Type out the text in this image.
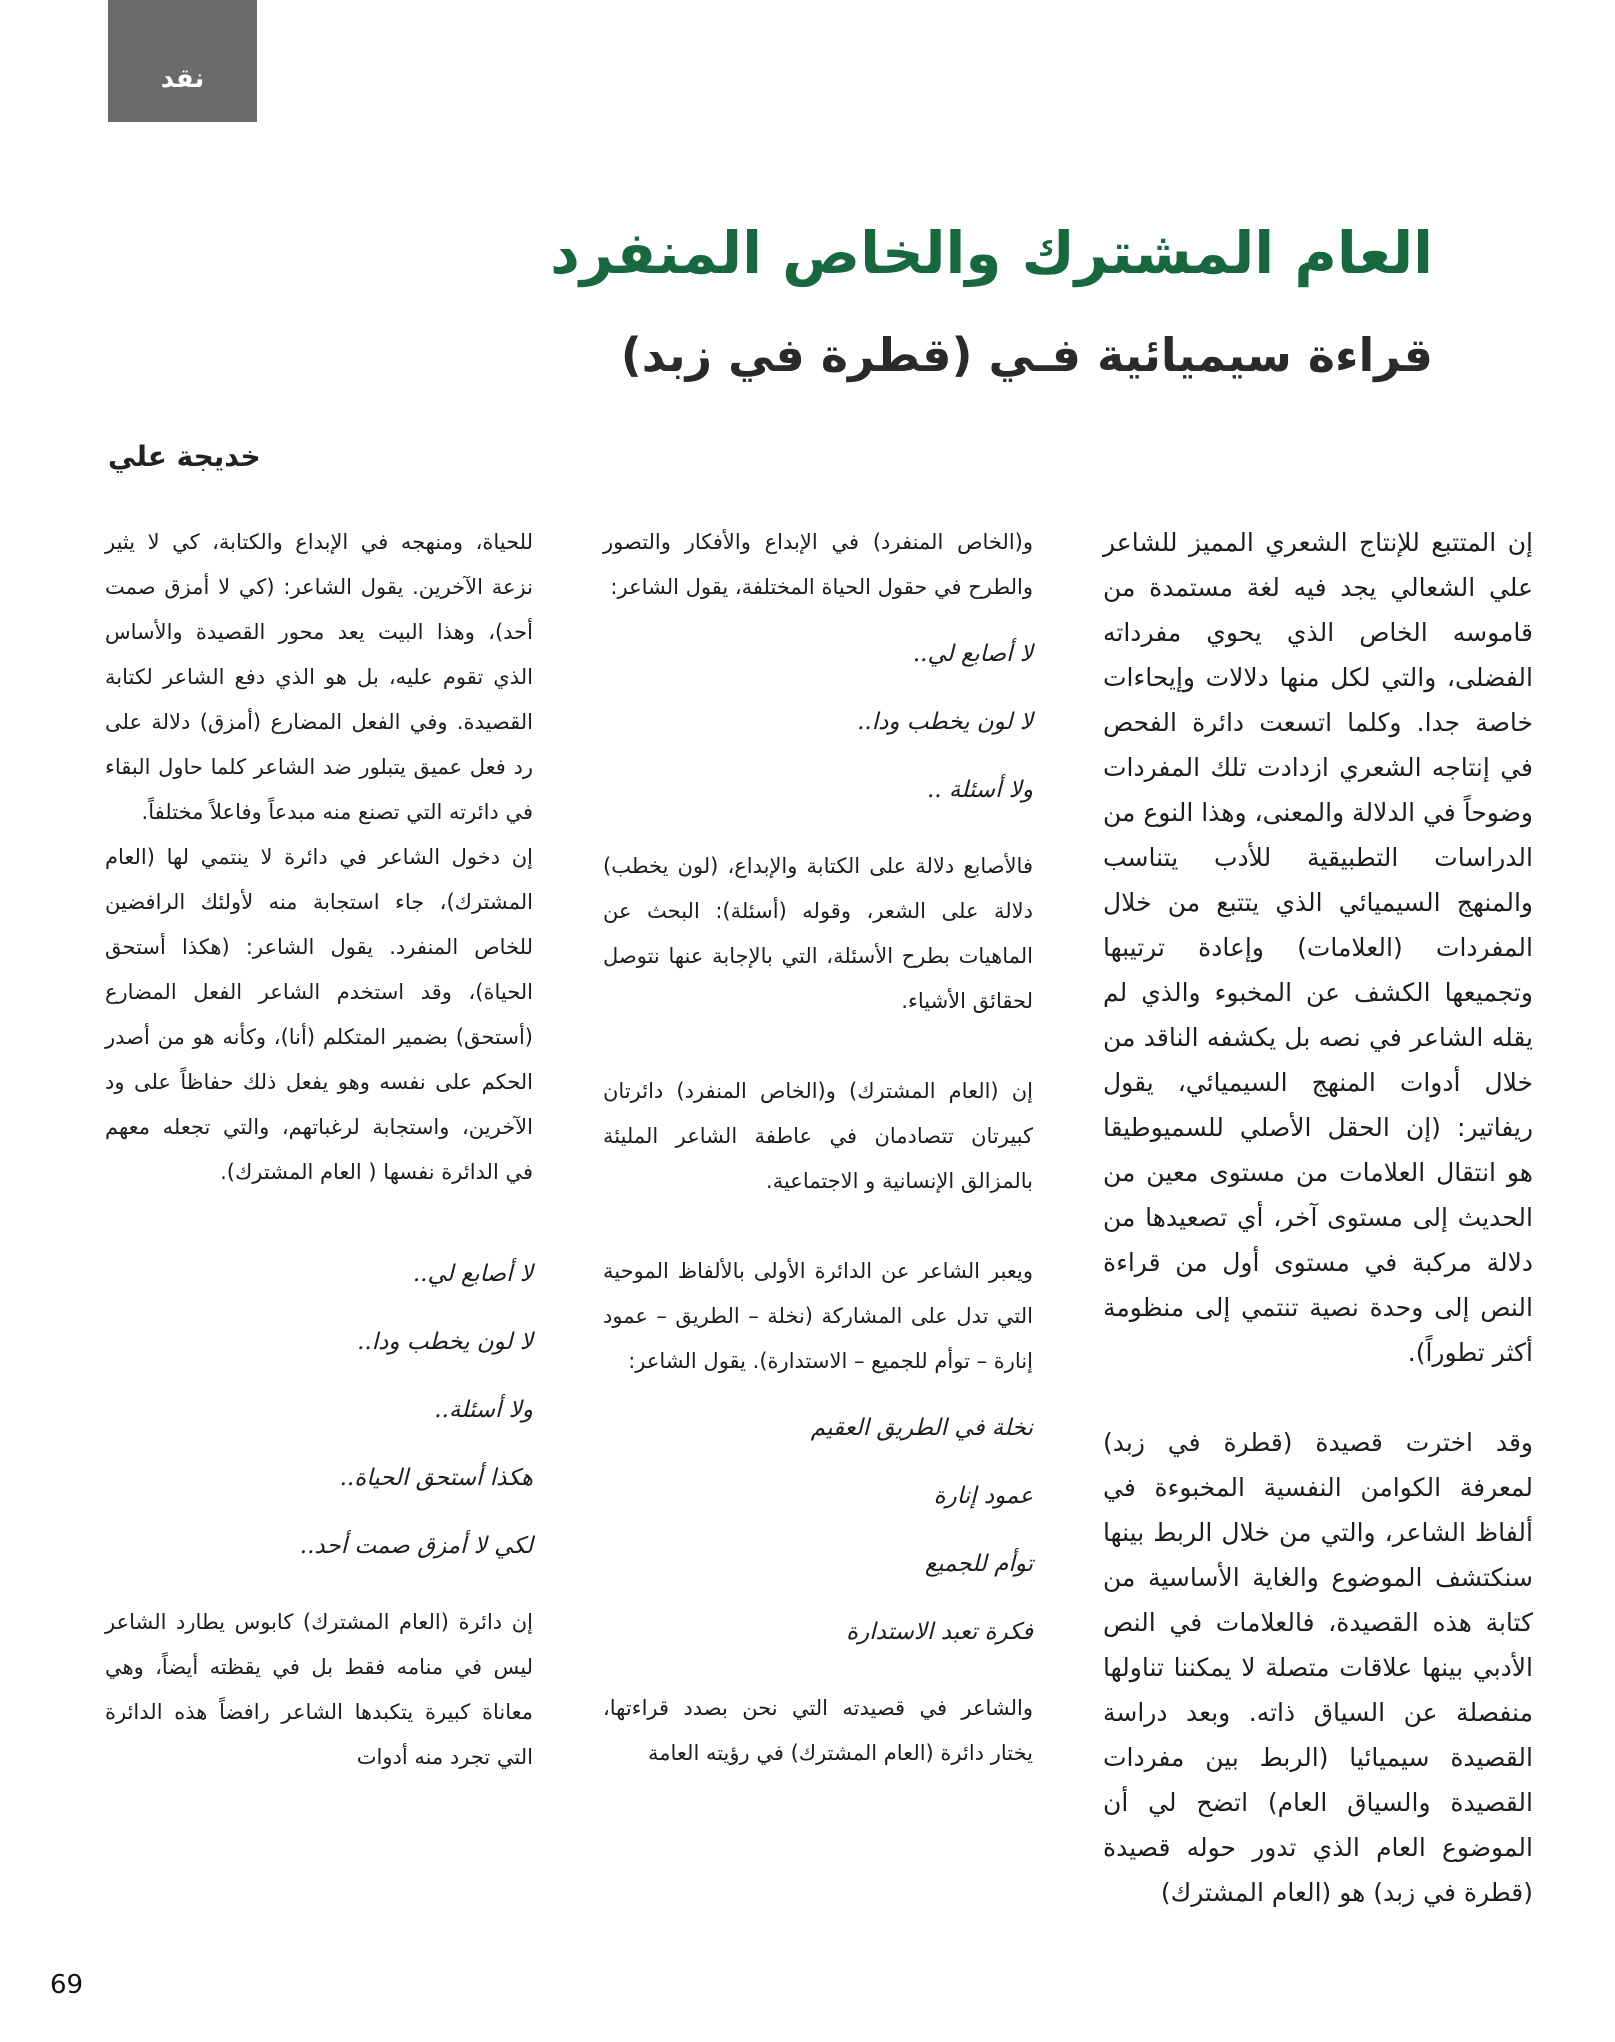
نقد
العام المشترك والخاص المنفرد
قراءة سيميائية فـي (قطرة في زبد)
خديجة علي

إن المتتبع للإنتاج الشعري المميز للشاعر علي الشعالي يجد فيه لغة مستمدة من قاموسه الخاص الذي يحوي مفرداته الفضلى، والتي لكل منها دلالات وإيحاءات خاصة جدا. وكلما اتسعت دائرة الفحص في إنتاجه الشعري ازدادت تلك المفردات وضوحاً في الدلالة والمعنى، وهذا النوع من الدراسات التطبيقية للأدب يتناسب والمنهج السيميائي الذي يتتبع من خلال المفردات (العلامات) وإعادة ترتيبها وتجميعها الكشف عن المخبوء والذي لم يقله الشاعر في نصه بل يكشفه الناقد من خلال أدوات المنهج السيميائي، يقول ريفاتير: (إن الحقل الأصلي للسميوطيقا هو انتقال العلامات من مستوى معين من الحديث إلى مستوى آخر، أي تصعيدها من دلالة مركبة في مستوى أول من قراءة النص إلى وحدة نصية تنتمي إلى منظومة أكثر تطوراً).

وقد اخترت قصيدة (قطرة في زبد) لمعرفة الكوامن النفسية المخبوءة في ألفاظ الشاعر، والتي من خلال الربط بينها سنكتشف الموضوع والغاية الأساسية من كتابة هذه القصيدة، فالعلامات في النص الأدبي بينها علاقات متصلة لا يمكننا تناولها منفصلة عن السياق ذاته. وبعد دراسة القصيدة سيميائيا (الربط بين مفردات القصيدة والسياق العام) اتضح لي أن الموضوع العام الذي تدور حوله قصيدة (قطرة في زبد) هو (العام المشترك)

و(الخاص المنفرد) في الإبداع والأفكار والتصور والطرح في حقول الحياة المختلفة، يقول الشاعر:

لا أصابع لي..
لا لون يخطب ودا..
ولا أسئلة ..

فالأصابع دلالة على الكتابة والإبداع، (لون يخطب) دلالة على الشعر، وقوله (أسئلة): البحث عن الماهيات بطرح الأسئلة، التي بالإجابة عنها نتوصل لحقائق الأشياء.

إن (العام المشترك) و(الخاص المنفرد) دائرتان كبيرتان تتصادمان في عاطفة الشاعر المليئة بالمزالق الإنسانية و الاجتماعية.

ويعبر الشاعر عن الدائرة الأولى بالألفاظ الموحية التي تدل على المشاركة (نخلة – الطريق – عمود إنارة – توأم للجميع – الاستدارة). يقول الشاعر:

نخلة في الطريق العقيم
عمود إنارة
توأم للجميع
فكرة تعبد الاستدارة

والشاعر في قصيدته التي نحن بصدد قراءتها، يختار دائرة (العام المشترك) في رؤيته العامة

للحياة، ومنهجه في الإبداع والكتابة، كي لا يثير نزعة الآخرين. يقول الشاعر: (كي لا أمزق صمت أحد)، وهذا البيت يعد محور القصيدة والأساس الذي تقوم عليه، بل هو الذي دفع الشاعر لكتابة القصيدة. وفي الفعل المضارع (أمزق) دلالة على رد فعل عميق يتبلور ضد الشاعر كلما حاول البقاء في دائرته التي تصنع منه مبدعاً وفاعلاً مختلفاً.

إن دخول الشاعر في دائرة لا ينتمي لها (العام المشترك)، جاء استجابة منه لأولئك الرافضين للخاص المنفرد. يقول الشاعر: (هكذا أستحق الحياة)، وقد استخدم الشاعر الفعل المضارع (أستحق) بضمير المتكلم (أنا)، وكأنه هو من أصدر الحكم على نفسه وهو يفعل ذلك حفاظاً على ود الآخرين، واستجابة لرغباتهم، والتي تجعله معهم في الدائرة نفسها ( العام المشترك).

لا أصابع لي..
لا لون يخطب ودا..
ولا أسئلة..
هكذا أستحق الحياة..
لكي لا أمزق صمت أحد..

إن دائرة (العام المشترك) كابوس يطارد الشاعر ليس في منامه فقط بل في يقظته أيضاً، وهي معاناة كبيرة يتكبدها الشاعر رافضاً هذه الدائرة التي تجرد منه أدوات

69
